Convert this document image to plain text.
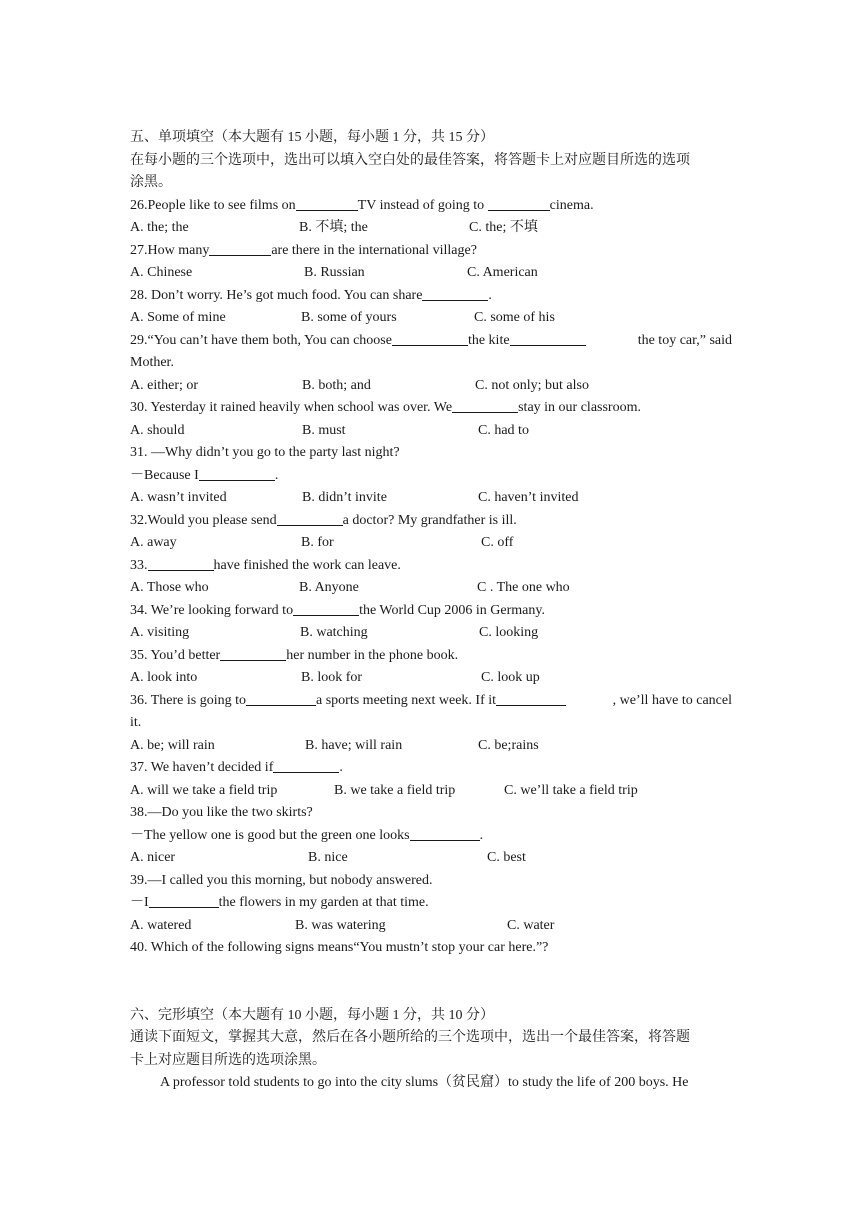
五、单项填空（本大题有 15 小题，每小题 1 分，共 15 分）
在每小题的三个选项中，选出可以填入空白处的最佳答案，将答题卡上对应题目所选的选项
涂黑。
26.People like to see films on	TV instead of going to	cinema.
A. the; the	B. 不填; the	C. the; 不填
27.How many	are there in the international village?
A. Chinese	B. Russian	C. American
28. Don’t worry. He’s got much food. You can share	.
A. Some of mine	B. some of yours	C. some of his
29.“You can’t have them both, You can choose	the kite	the toy car,” said
Mother.
A. either; or	B. both; and	C. not only; but also
30. Yesterday it rained heavily when school was over. We	stay in our classroom.
A. should	B. must	C. had to
31. —Why didn’t you go to the party last night?
－Because I	.
A. wasn’t invited	B. didn’t invite	C. haven’t invited
32.Would you please send	a doctor? My grandfather is ill.
A. away	B. for	C. off
33.	have finished the work can leave.
A. Those who	B. Anyone	C . The one who
34. We’re looking forward to	the World Cup 2006 in Germany.
A. visiting	B. watching	C. looking
35. You’d better	her number in the phone book.
A. look into	B. look for	C. look up
36. There is going to	a sports meeting next week. If it	, we’ll have to cancel
it.
A. be; will rain	B. have; will rain	C. be;rains
37. We haven’t decided if	.
A. will we take a field trip	B. we take a field trip	C. we’ll take a field trip
38.—Do you like the two skirts?
－The yellow one is good but the green one looks	.
A. nicer	B. nice	C. best
39.—I called you this morning, but nobody answered.
－I	the flowers in my garden at that time.
A. watered	B. was watering	C. water
40. Which of the following signs means“You mustn’t stop your car here.”?
六、完形填空（本大题有 10 小题，每小题 1 分，共 10 分）
通读下面短文，掌握其大意，然后在各小题所给的三个选项中，选出一个最佳答案，将答题
卡上对应题目所选的选项涂黑。
A professor told students to go into the city slums（贫民窟）to study the life of 200 boys. He
